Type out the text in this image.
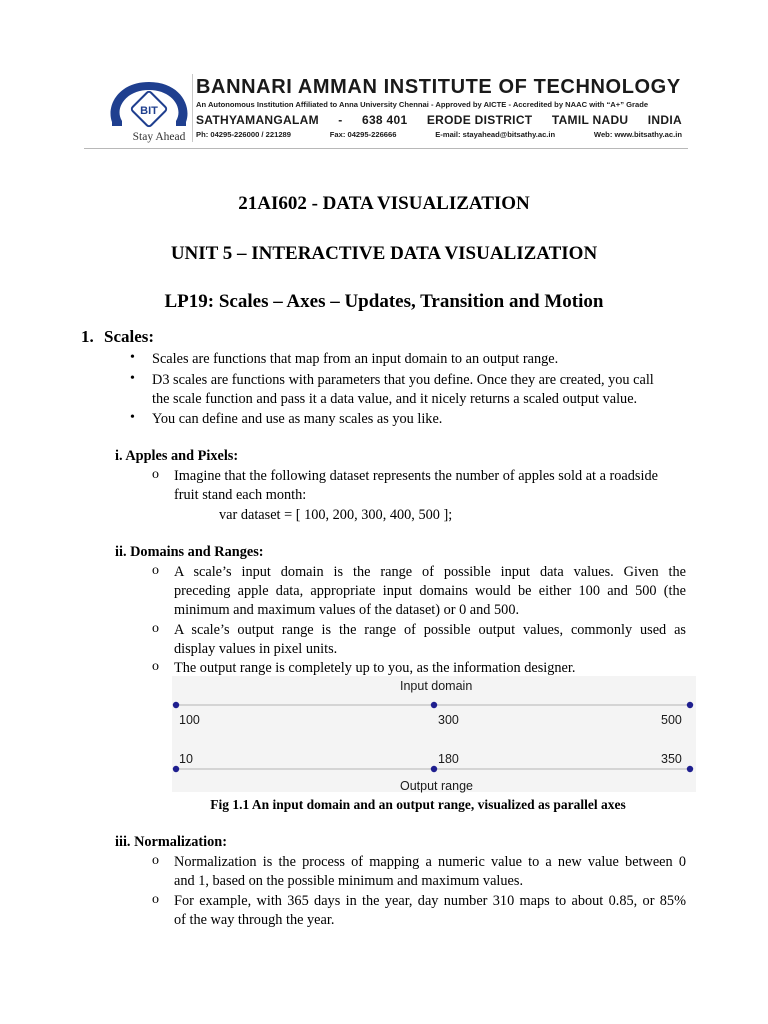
BIT
Stay Ahead
BANNARI AMMAN INSTITUTE OF TECHNOLOGY
An Autonomous Institution Affiliated to Anna University Chennai - Approved by AICTE - Accredited by NAAC with “A+” Grade
SATHYAMANGALAM - 638 401 ERODE DISTRICT TAMIL NADU INDIA
Ph: 04295-226000 / 221289	Fax: 04295-226666	E-mail: stayahead@bitsathy.ac.in	Web: www.bitsathy.ac.in
21AI602 - DATA VISUALIZATION
UNIT 5 – INTERACTIVE DATA VISUALIZATION
LP19: Scales – Axes – Updates, Transition and Motion
1. Scales:
• Scales are functions that map from an input domain to an output range.
• D3 scales are functions with parameters that you define. Once they are created, you call
the scale function and pass it a data value, and it nicely returns a scaled output value.
• You can define and use as many scales as you like.
i. Apples and Pixels:
o Imagine that the following dataset represents the number of apples sold at a roadside
fruit stand each month:
var dataset = [ 100, 200, 300, 400, 500 ];
ii. Domains and Ranges:
o A scale’s input domain is the range of possible input data values. Given the
preceding apple data, appropriate input domains would be either 100 and 500 (the
minimum and maximum values of the dataset) or 0 and 500.
o A scale’s output range is the range of possible output values, commonly used as
display values in pixel units.
o The output range is completely up to you, as the information designer.
Input domain
100	300	500
10	180	350
Output range
Fig 1.1 An input domain and an output range, visualized as parallel axes
iii. Normalization:
o Normalization is the process of mapping a numeric value to a new value between 0
and 1, based on the possible minimum and maximum values.
o For example, with 365 days in the year, day number 310 maps to about 0.85, or 85%
of the way through the year.
